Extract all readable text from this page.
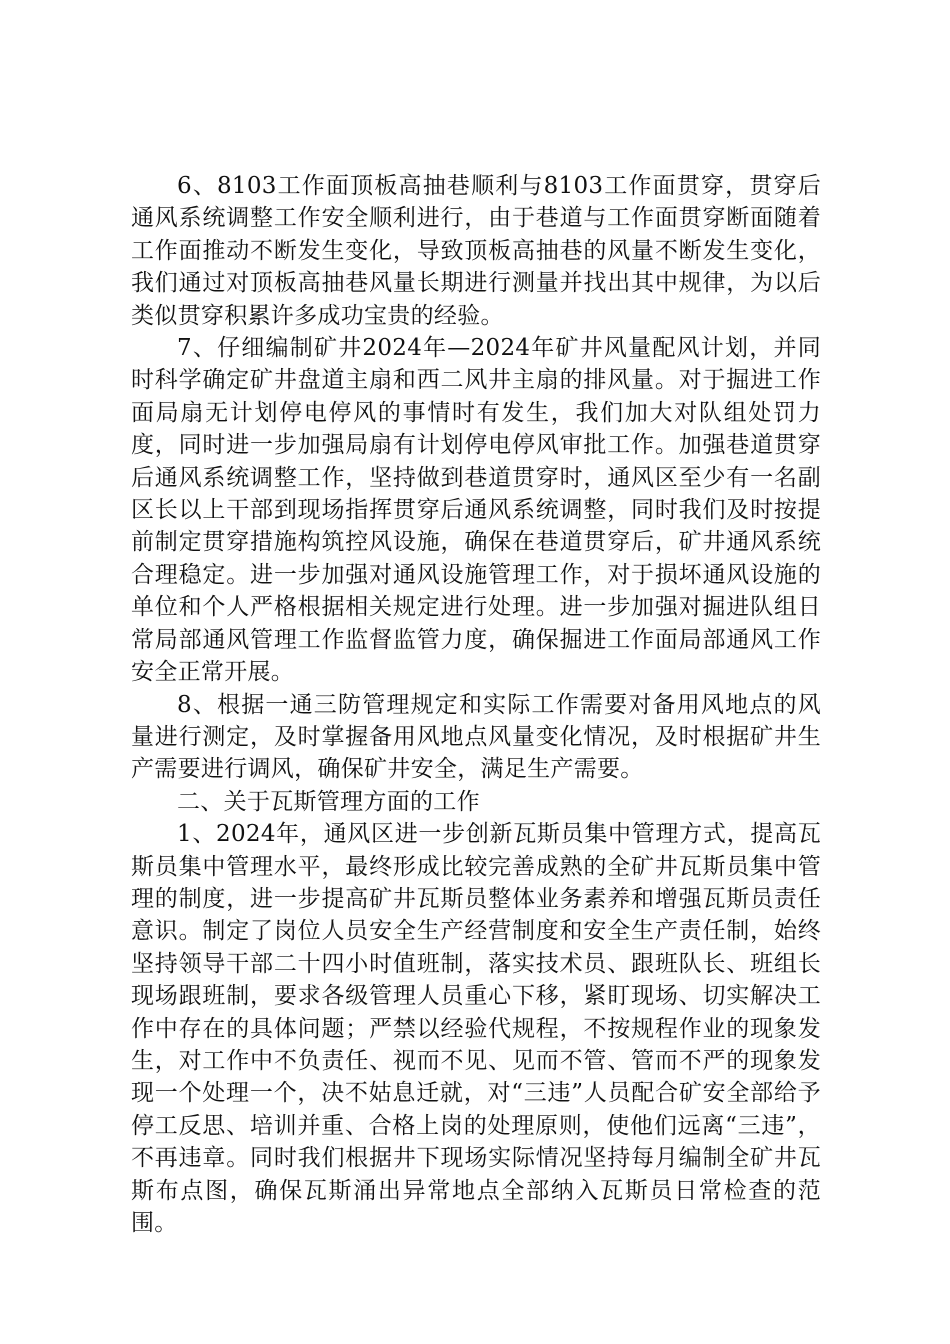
6、8103工作面顶板高抽巷顺利与8103工作面贯穿，贯穿后通风系统调整工作安全顺利进行，由于巷道与工作面贯穿断面随着工作面推动不断发生变化，导致顶板高抽巷的风量不断发生变化，我们通过对顶板高抽巷风量长期进行测量并找出其中规律，为以后类似贯穿积累许多成功宝贵的经验。

7、仔细编制矿井2024年—2024年矿井风量配风计划，并同时科学确定矿井盘道主扇和西二风井主扇的排风量。对于掘进工作面局扇无计划停电停风的事情时有发生，我们加大对队组处罚力度，同时进一步加强局扇有计划停电停风审批工作。加强巷道贯穿后通风系统调整工作，坚持做到巷道贯穿时，通风区至少有一名副区长以上干部到现场指挥贯穿后通风系统调整，同时我们及时按提前制定贯穿措施构筑控风设施，确保在巷道贯穿后，矿井通风系统合理稳定。进一步加强对通风设施管理工作，对于损坏通风设施的单位和个人严格根据相关规定进行处理。进一步加强对掘进队组日常局部通风管理工作监督监管力度，确保掘进工作面局部通风工作安全正常开展。

8、根据一通三防管理规定和实际工作需要对备用风地点的风量进行测定，及时掌握备用风地点风量变化情况，及时根据矿井生产需要进行调风，确保矿井安全，满足生产需要。

二、关于瓦斯管理方面的工作

1、2024年，通风区进一步创新瓦斯员集中管理方式，提高瓦斯员集中管理水平，最终形成比较完善成熟的全矿井瓦斯员集中管理的制度，进一步提高矿井瓦斯员整体业务素养和增强瓦斯员责任意识。制定了岗位人员安全生产经营制度和安全生产责任制，始终坚持领导干部二十四小时值班制，落实技术员、跟班队长、班组长现场跟班制，要求各级管理人员重心下移，紧盯现场、切实解决工作中存在的具体问题；严禁以经验代规程，不按规程作业的现象发生，对工作中不负责任、视而不见、见而不管、管而不严的现象发现一个处理一个，决不姑息迁就，对“三违”人员配合矿安全部给予停工反思、培训并重、合格上岗的处理原则，使他们远离“三违”，不再违章。同时我们根据井下现场实际情况坚持每月编制全矿井瓦斯布点图，确保瓦斯涌出异常地点全部纳入瓦斯员日常检查的范围。
